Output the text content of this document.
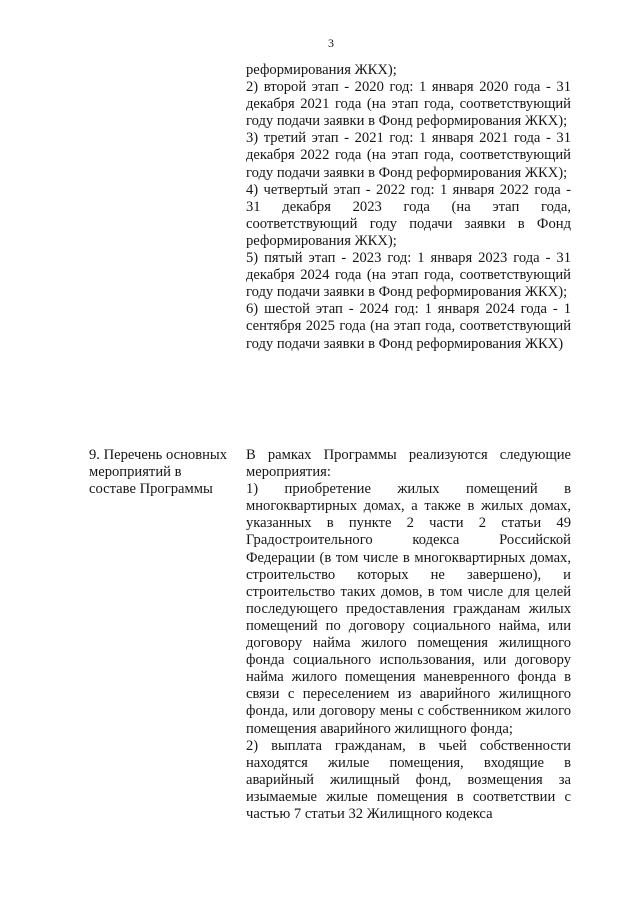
3

реформирования ЖКХ);

2) второй этап - 2020 год: 1 января 2020 года - 31 декабря 2021 года (на этап года, соответствующий году подачи заявки в Фонд реформирования ЖКХ);

3) третий этап - 2021 год: 1 января 2021 года - 31 декабря 2022 года (на этап года, соответствующий году подачи заявки в Фонд реформирования ЖКХ);

4) четвертый этап - 2022 год: 1 января 2022 года - 31 декабря 2023 года (на этап года, соответствующий году подачи заявки в Фонд реформирования ЖКХ);

5) пятый этап - 2023 год: 1 января 2023 года - 31 декабря 2024 года (на этап года, соответствующий году подачи заявки в Фонд реформирования ЖКХ);

6) шестой этап - 2024 год: 1 января 2024 года - 1 сентября 2025 года (на этап года, соответствующий году подачи заявки в Фонд реформирования ЖКХ)

9. Перечень основных
мероприятий в
составе Программы

В рамках Программы реализуются следующие мероприятия:

1) приобретение жилых помещений в многоквартирных домах, а также в жилых домах, указанных в пункте 2 части 2 статьи 49 Градостроительного кодекса Российской Федерации (в том числе в многоквартирных домах, строительство которых не завершено), и строительство таких домов, в том числе для целей последующего предоставления гражданам жилых помещений по договору социального найма, или договору найма жилого помещения жилищного фонда социального использования, или договору найма жилого помещения маневренного фонда в связи с переселением из аварийного жилищного фонда, или договору мены с собственником жилого помещения аварийного жилищного фонда;

2) выплата гражданам, в чьей собственности находятся жилые помещения, входящие в аварийный жилищный фонд, возмещения за изымаемые жилые помещения в соответствии с частью 7 статьи 32 Жилищного кодекса
